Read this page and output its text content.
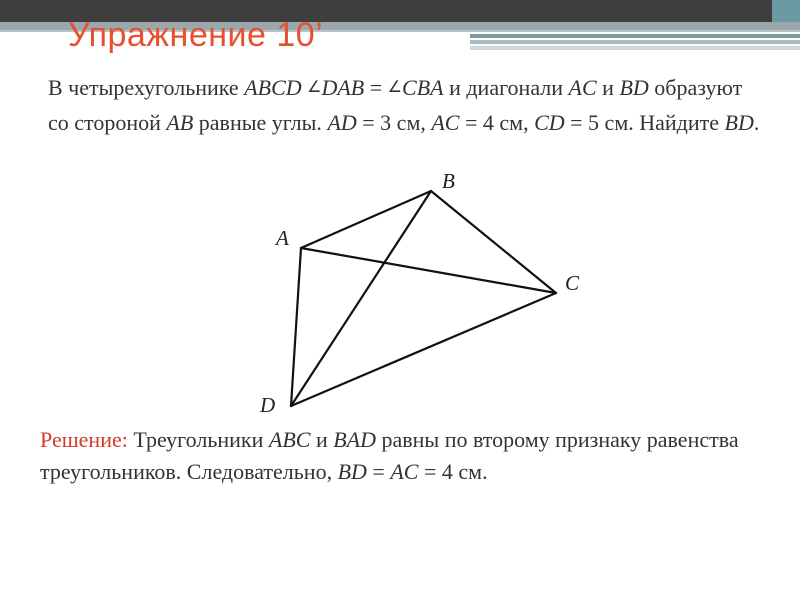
Упражнение 10’
В четырехугольнике ABCD ∠DAB = ∠CBA и диагонали AC и BD образуют со стороной AB равные углы. AD = 3 см, AC = 4 см, CD = 5 см. Найдите BD.
A
B
C
D
Решение: Треугольники ABC и BAD равны по второму признаку равенства треугольников. Следовательно, BD = AC = 4 см.
